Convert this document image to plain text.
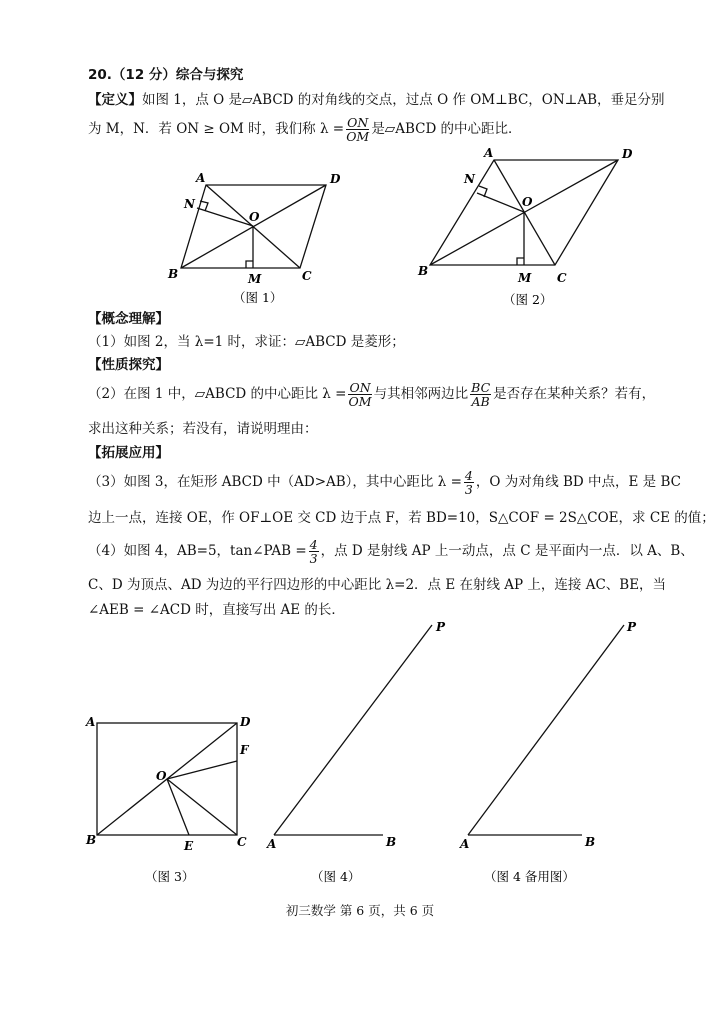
20.（12 分）综合与探究
【定义】如图 1，点 O 是▱ABCD 的对角线的交点，过点 O 作 OM⊥BC，ON⊥AB，垂足分别
为 M，N．若 ON ≥ OM 时，我们称 $\lambda = \frac{ON}{OM}$ 是▱ABCD 的中心距比．
A	D
B	C
O
N
M
（图 1）
A	D
B	C
O
N
M
（图 2）
【概念理解】
（1）如图 2，当 λ=1 时，求证：▱ABCD 是菱形；
【性质探究】
（2）在图 1 中，▱ABCD 的中心距比 $\lambda = \frac{ON}{OM}$ 与其相邻两边比 $\frac{BC}{AB}$ 是否存在某种关系？若有，
求出这种关系；若没有，请说明理由：
【拓展应用】
（3）如图 3，在矩形 ABCD 中（AD>AB），其中心距比 $\lambda = \frac{4}{3}$ ，O 为对角线 BD 中点，E 是 BC
边上一点，连接 OE，作 OF⊥OE 交 CD 边于点 F，若 BD=10，S△COF = 2S△COE，求 CE 的值；
（4）如图 4，AB=5，tan∠PAB = $\frac{4}{3}$ ，点 D 是射线 AP 上一动点，点 C 是平面内一点．以 A、B、
C、D 为顶点、AD 为边的平行四边形的中心距比 λ=2．点 E 在射线 AP 上，连接 AC、BE，当
∠AEB = ∠ACD 时，直接写出 AE 的长．
A	D
F
O
B	E	C
（图 3）
P
A	B
（图 4）
P
A	B
（图 4 备用图）
初三数学 第 6 页，共 6 页
